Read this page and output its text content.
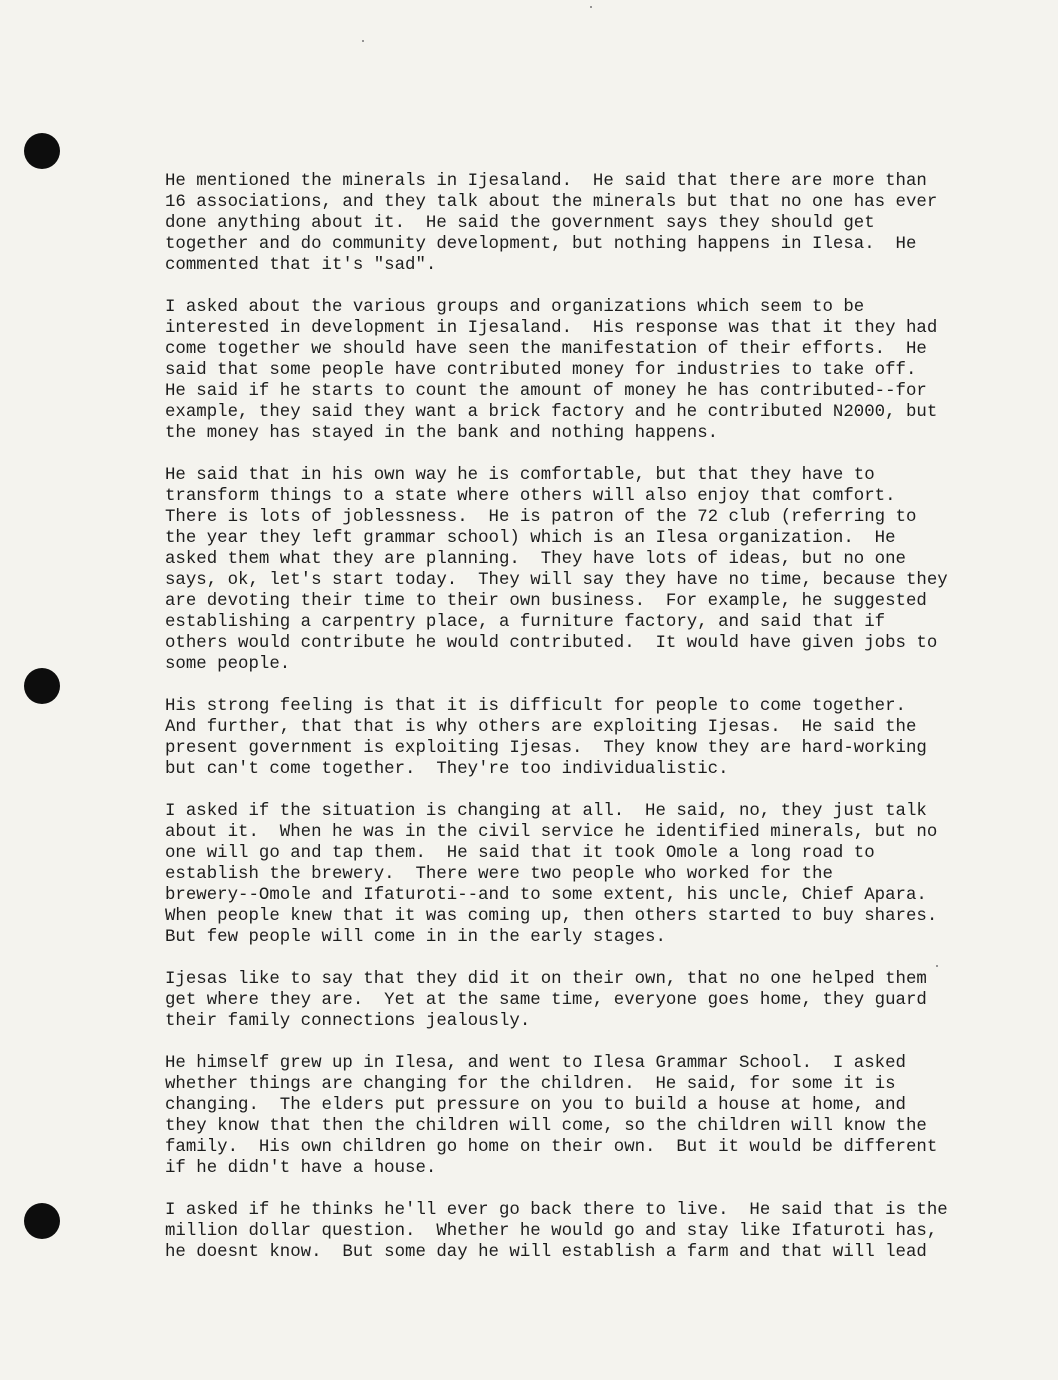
He mentioned the minerals in Ijesaland.  He said that there are more than
16 associations, and they talk about the minerals but that no one has ever
done anything about it.  He said the government says they should get
together and do community development, but nothing happens in Ilesa.  He
commented that it's "sad".

I asked about the various groups and organizations which seem to be
interested in development in Ijesaland.  His response was that it they had
come together we should have seen the manifestation of their efforts.  He
said that some people have contributed money for industries to take off.
He said if he starts to count the amount of money he has contributed--for
example, they said they want a brick factory and he contributed N2000, but
the money has stayed in the bank and nothing happens.

He said that in his own way he is comfortable, but that they have to
transform things to a state where others will also enjoy that comfort.
There is lots of joblessness.  He is patron of the 72 club (referring to
the year they left grammar school) which is an Ilesa organization.  He
asked them what they are planning.  They have lots of ideas, but no one
says, ok, let's start today.  They will say they have no time, because they
are devoting their time to their own business.  For example, he suggested
establishing a carpentry place, a furniture factory, and said that if
others would contribute he would contributed.  It would have given jobs to
some people.

His strong feeling is that it is difficult for people to come together.
And further, that that is why others are exploiting Ijesas.  He said the
present government is exploiting Ijesas.  They know they are hard-working
but can't come together.  They're too individualistic.

I asked if the situation is changing at all.  He said, no, they just talk
about it.  When he was in the civil service he identified minerals, but no
one will go and tap them.  He said that it took Omole a long road to
establish the brewery.  There were two people who worked for the
brewery--Omole and Ifaturoti--and to some extent, his uncle, Chief Apara.
When people knew that it was coming up, then others started to buy shares.
But few people will come in in the early stages.

Ijesas like to say that they did it on their own, that no one helped them
get where they are.  Yet at the same time, everyone goes home, they guard
their family connections jealously.

He himself grew up in Ilesa, and went to Ilesa Grammar School.  I asked
whether things are changing for the children.  He said, for some it is
changing.  The elders put pressure on you to build a house at home, and
they know that then the children will come, so the children will know the
family.  His own children go home on their own.  But it would be different
if he didn't have a house.

I asked if he thinks he'll ever go back there to live.  He said that is the
million dollar question.  Whether he would go and stay like Ifaturoti has,
he doesnt know.  But some day he will establish a farm and that will lead
